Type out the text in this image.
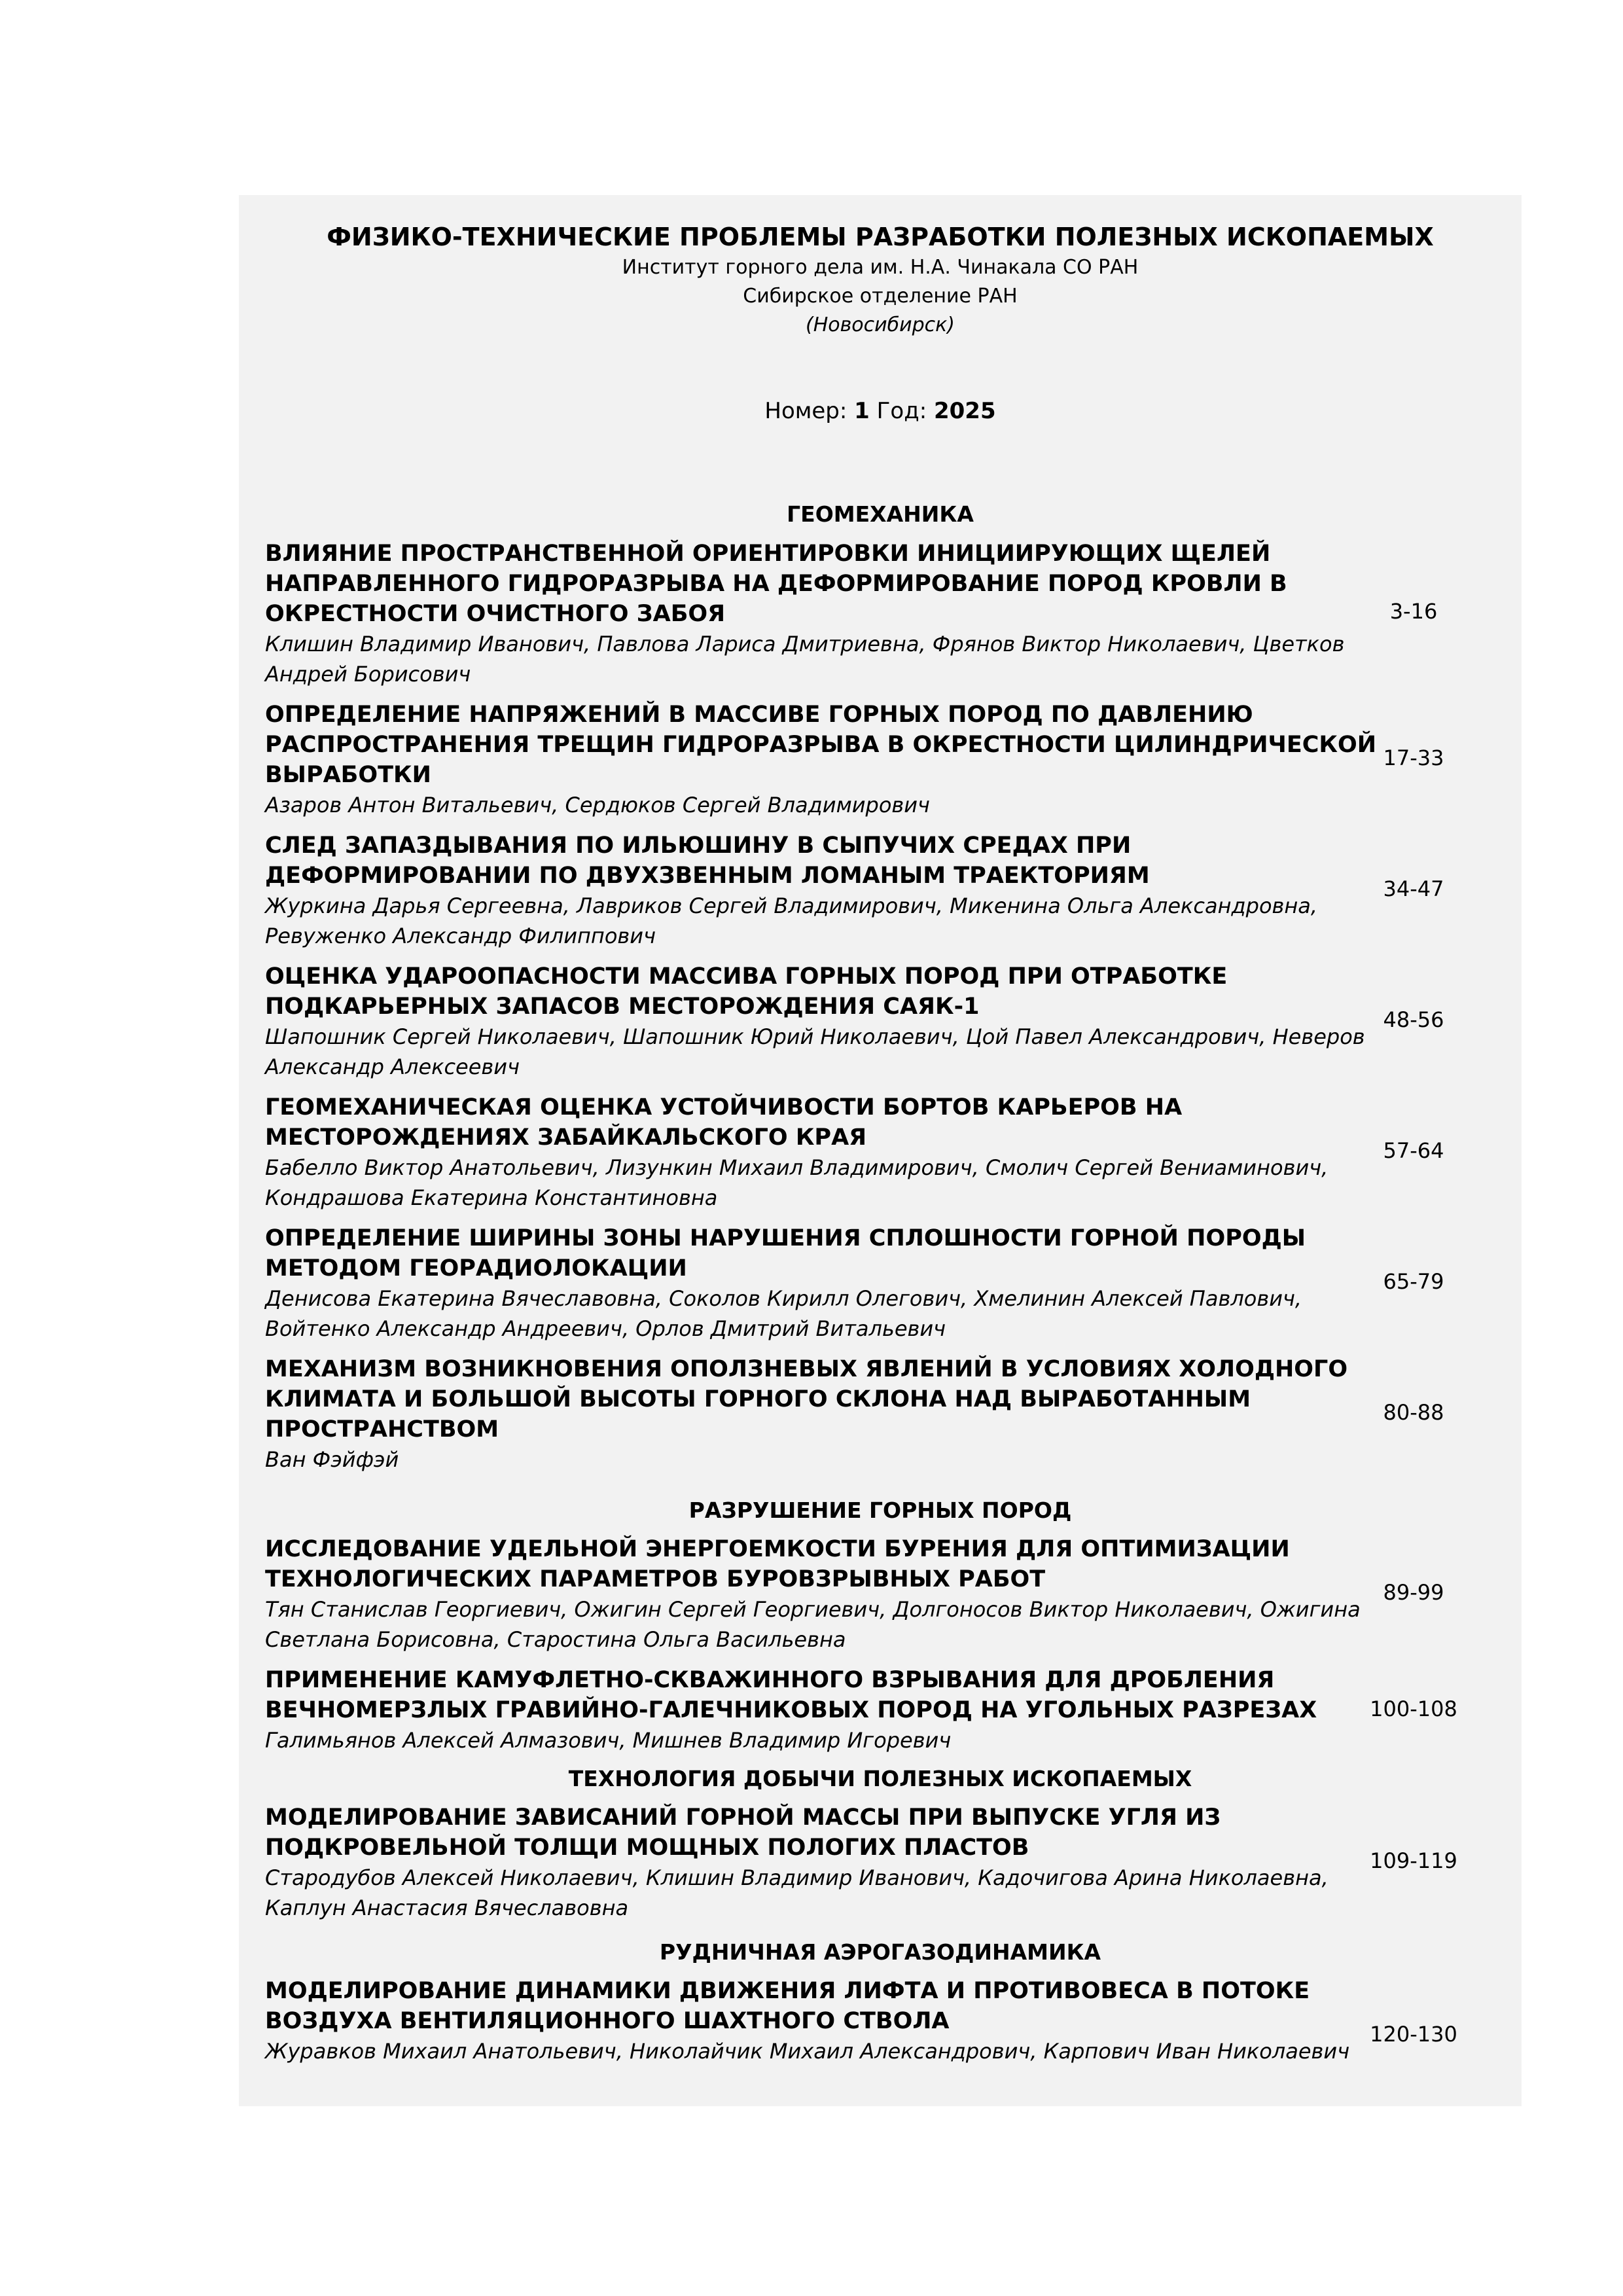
ФИЗИКО-ТЕХНИЧЕСКИЕ ПРОБЛЕМЫ РАЗРАБОТКИ ПОЛЕЗНЫХ ИСКОПАЕМЫХ
Институт горного дела им. Н.А. Чинакала СО РАН
Сибирское отделение РАН
(Новосибирск)
Номер: 1 Год: 2025
ГЕОМЕХАНИКА
ВЛИЯНИЕ ПРОСТРАНСТВЕННОЙ ОРИЕНТИРОВКИ ИНИЦИИРУЮЩИХ ЩЕЛЕЙ НАПРАВЛЕННОГО ГИДРОРАЗРЫВА НА ДЕФОРМИРОВАНИЕ ПОРОД КРОВЛИ В ОКРЕСТНОСТИ ОЧИСТНОГО ЗАБОЯ
Клишин Владимир Иванович, Павлова Лариса Дмитриевна, Фрянов Виктор Николаевич, Цветков Андрей Борисович
3-16
ОПРЕДЕЛЕНИЕ НАПРЯЖЕНИЙ В МАССИВЕ ГОРНЫХ ПОРОД ПО ДАВЛЕНИЮ РАСПРОСТРАНЕНИЯ ТРЕЩИН ГИДРОРАЗРЫВА В ОКРЕСТНОСТИ ЦИЛИНДРИЧЕСКОЙ ВЫРАБОТКИ
Азаров Антон Витальевич, Сердюков Сергей Владимирович
17-33
СЛЕД ЗАПАЗДЫВАНИЯ ПО ИЛЬЮШИНУ В СЫПУЧИХ СРЕДАХ ПРИ ДЕФОРМИРОВАНИИ ПО ДВУХЗВЕННЫМ ЛОМАНЫМ ТРАЕКТОРИЯМ
Журкина Дарья Сергеевна, Лавриков Сергей Владимирович, Микенина Ольга Александровна, Ревуженко Александр Филиппович
34-47
ОЦЕНКА УДАРООПАСНОСТИ МАССИВА ГОРНЫХ ПОРОД ПРИ ОТРАБОТКЕ ПОДКАРЬЕРНЫХ ЗАПАСОВ МЕСТОРОЖДЕНИЯ САЯК-1
Шапошник Сергей Николаевич, Шапошник Юрий Николаевич, Цой Павел Александрович, Неверов Александр Алексеевич
48-56
ГЕОМЕХАНИЧЕСКАЯ ОЦЕНКА УСТОЙЧИВОСТИ БОРТОВ КАРЬЕРОВ НА МЕСТОРОЖДЕНИЯХ ЗАБАЙКАЛЬСКОГО КРАЯ
Бабелло Виктор Анатольевич, Лизункин Михаил Владимирович, Смолич Сергей Вениаминович, Кондрашова Екатерина Константиновна
57-64
ОПРЕДЕЛЕНИЕ ШИРИНЫ ЗОНЫ НАРУШЕНИЯ СПЛОШНОСТИ ГОРНОЙ ПОРОДЫ МЕТОДОМ ГЕОРАДИОЛОКАЦИИ
Денисова Екатерина Вячеславовна, Соколов Кирилл Олегович, Хмелинин Алексей Павлович, Войтенко Александр Андреевич, Орлов Дмитрий Витальевич
65-79
МЕХАНИЗМ ВОЗНИКНОВЕНИЯ ОПОЛЗНЕВЫХ ЯВЛЕНИЙ В УСЛОВИЯХ ХОЛОДНОГО КЛИМАТА И БОЛЬШОЙ ВЫСОТЫ ГОРНОГО СКЛОНА НАД ВЫРАБОТАННЫМ ПРОСТРАНСТВОМ
Ван Фэйфэй
80-88
РАЗРУШЕНИЕ ГОРНЫХ ПОРОД
ИССЛЕДОВАНИЕ УДЕЛЬНОЙ ЭНЕРГОЕМКОСТИ БУРЕНИЯ ДЛЯ ОПТИМИЗАЦИИ ТЕХНОЛОГИЧЕСКИХ ПАРАМЕТРОВ БУРОВЗРЫВНЫХ РАБОТ
Тян Станислав Георгиевич, Ожигин Сергей Георгиевич, Долгоносов Виктор Николаевич, Ожигина Светлана Борисовна, Старостина Ольга Васильевна
89-99
ПРИМЕНЕНИЕ КАМУФЛЕТНО-СКВАЖИННОГО ВЗРЫВАНИЯ ДЛЯ ДРОБЛЕНИЯ ВЕЧНОМЕРЗЛЫХ ГРАВИЙНО-ГАЛЕЧНИКОВЫХ ПОРОД НА УГОЛЬНЫХ РАЗРЕЗАХ
Галимьянов Алексей Алмазович, Мишнев Владимир Игоревич
100-108
ТЕХНОЛОГИЯ ДОБЫЧИ ПОЛЕЗНЫХ ИСКОПАЕМЫХ
МОДЕЛИРОВАНИЕ ЗАВИСАНИЙ ГОРНОЙ МАССЫ ПРИ ВЫПУСКЕ УГЛЯ ИЗ ПОДКРОВЕЛЬНОЙ ТОЛЩИ МОЩНЫХ ПОЛОГИХ ПЛАСТОВ
Стародубов Алексей Николаевич, Клишин Владимир Иванович, Кадочигова Арина Николаевна, Каплун Анастасия Вячеславовна
109-119
РУДНИЧНАЯ АЭРОГАЗОДИНАМИКА
МОДЕЛИРОВАНИЕ ДИНАМИКИ ДВИЖЕНИЯ ЛИФТА И ПРОТИВОВЕСА В ПОТОКЕ ВОЗДУХА ВЕНТИЛЯЦИОННОГО ШАХТНОГО СТВОЛА
Журавков Михаил Анатольевич, Николайчик Михаил Александрович, Карпович Иван Николаевич
120-130
